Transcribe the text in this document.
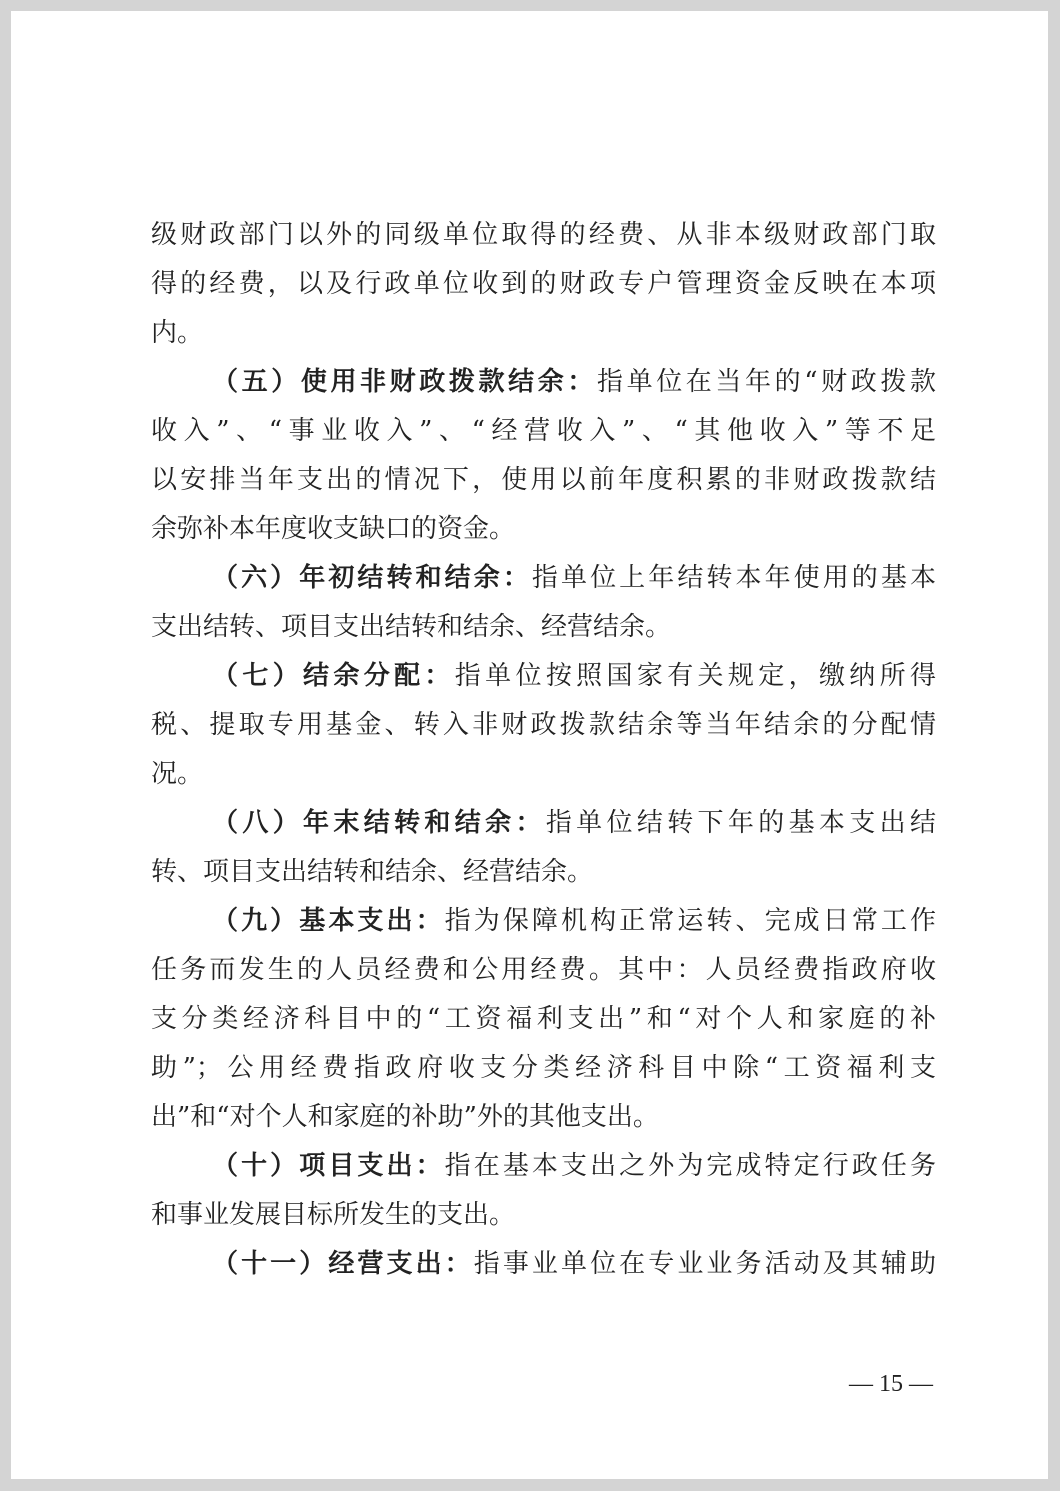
级财政部门以外的同级单位取得的经费、从非本级财政部门取
得的经费，以及行政单位收到的财政专户管理资金反映在本项
内。
（五）使用非财政拨款结余：指单位在当年的“财政拨款
收入”、“事业收入”、“经营收入”、“其他收入”等不足
以安排当年支出的情况下，使用以前年度积累的非财政拨款结
余弥补本年度收支缺口的资金。
（六）年初结转和结余：指单位上年结转本年使用的基本
支出结转、项目支出结转和结余、经营结余。
（七）结余分配：指单位按照国家有关规定，缴纳所得
税、提取专用基金、转入非财政拨款结余等当年结余的分配情
况。
（八）年末结转和结余：指单位结转下年的基本支出结
转、项目支出结转和结余、经营结余。
（九）基本支出：指为保障机构正常运转、完成日常工作
任务而发生的人员经费和公用经费。其中：人员经费指政府收
支分类经济科目中的“工资福利支出”和“对个人和家庭的补
助”；公用经费指政府收支分类经济科目中除“工资福利支
出”和“对个人和家庭的补助”外的其他支出。
（十）项目支出：指在基本支出之外为完成特定行政任务
和事业发展目标所发生的支出。
（十一）经营支出：指事业单位在专业业务活动及其辅助
— 15 —
